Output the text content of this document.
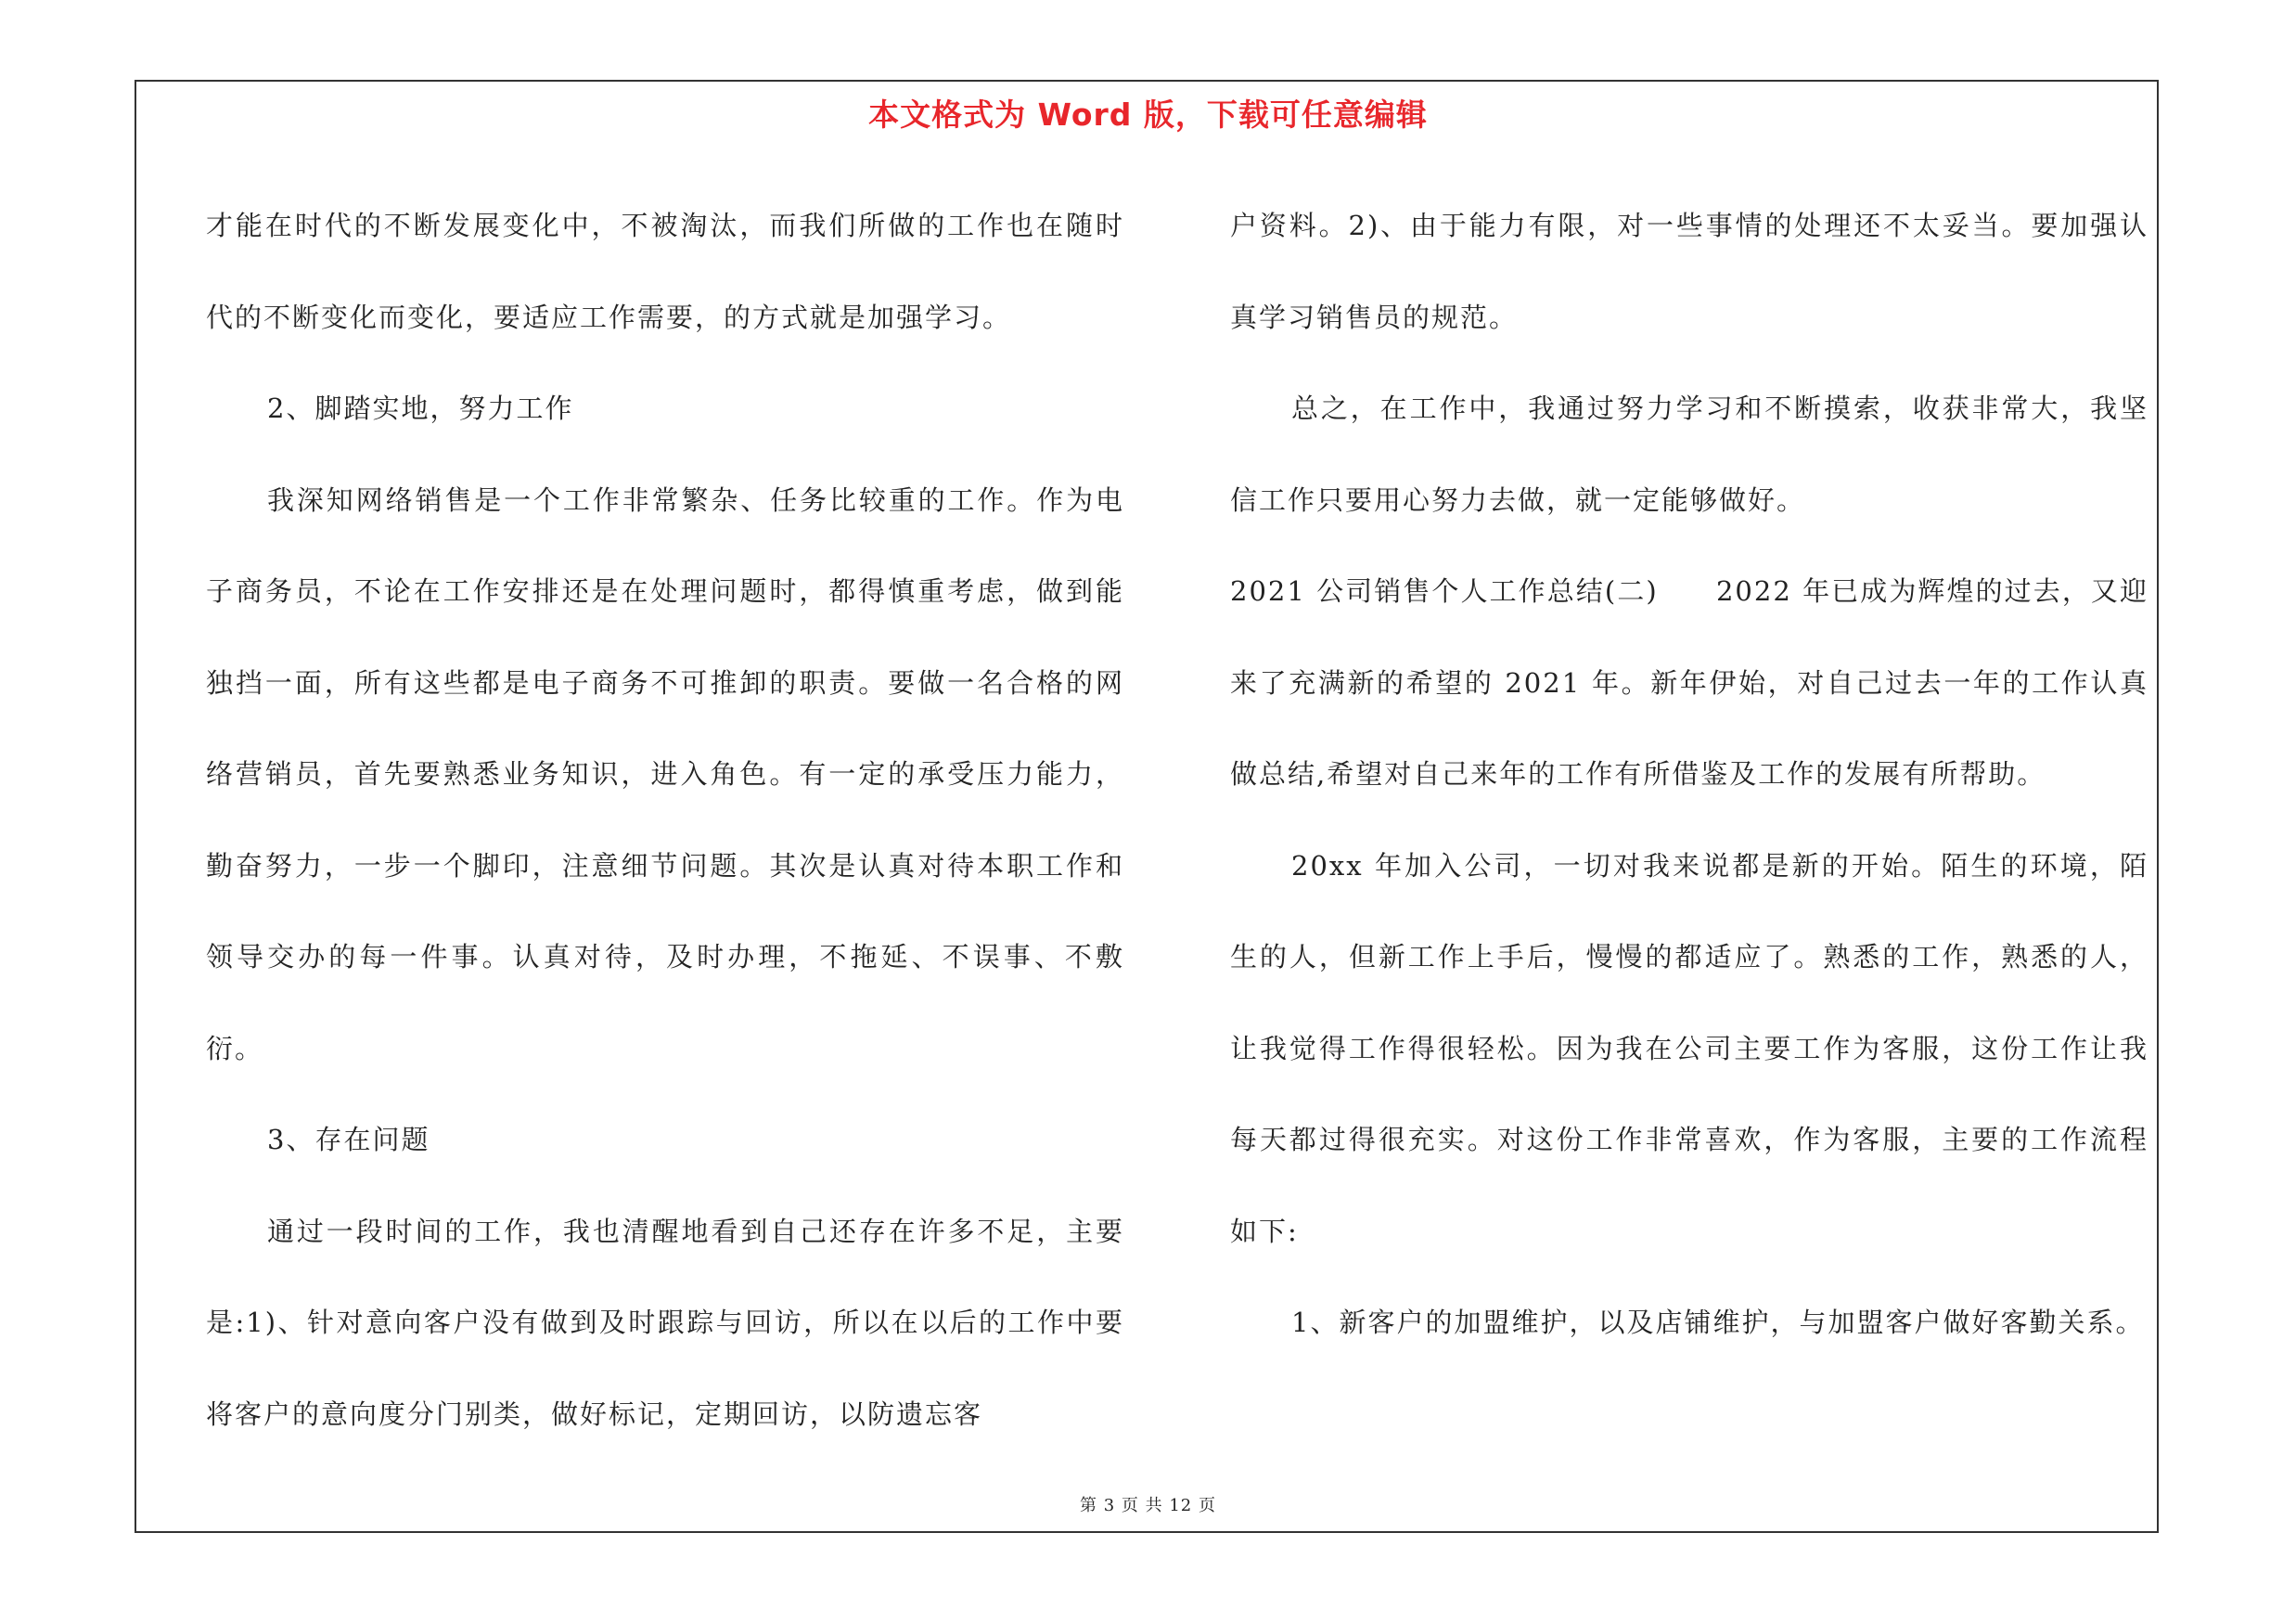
本文格式为 Word 版，下载可任意编辑

才能在时代的不断发展变化中，不被淘汰，而我们所做的工作也在随时代的不断变化而变化，要适应工作需要，的方式就是加强学习。

2、脚踏实地，努力工作

我深知网络销售是一个工作非常繁杂、任务比较重的工作。作为电子商务员，不论在工作安排还是在处理问题时，都得慎重考虑，做到能独挡一面，所有这些都是电子商务不可推卸的职责。要做一名合格的网络营销员，首先要熟悉业务知识，进入角色。有一定的承受压力能力，勤奋努力，一步一个脚印，注意细节问题。其次是认真对待本职工作和领导交办的每一件事。认真对待，及时办理，不拖延、不误事、不敷衍。

3、存在问题

通过一段时间的工作，我也清醒地看到自己还存在许多不足，主要是:1)、针对意向客户没有做到及时跟踪与回访，所以在以后的工作中要将客户的意向度分门别类，做好标记，定期回访，以防遗忘客

户资料。2)、由于能力有限，对一些事情的处理还不太妥当。要加强认真学习销售员的规范。

总之，在工作中，我通过努力学习和不断摸索，收获非常大，我坚信工作只要用心努力去做，就一定能够做好。

2021 公司销售个人工作总结(二)　　2022 年已成为辉煌的过去，又迎来了充满新的希望的 2021 年。新年伊始，对自己过去一年的工作认真做总结,希望对自己来年的工作有所借鉴及工作的发展有所帮助。

20xx 年加入公司，一切对我来说都是新的开始。陌生的环境，陌生的人，但新工作上手后，慢慢的都适应了。熟悉的工作，熟悉的人，让我觉得工作得很轻松。因为我在公司主要工作为客服，这份工作让我每天都过得很充实。对这份工作非常喜欢，作为客服，主要的工作流程如下:

1、新客户的加盟维护，以及店铺维护，与加盟客户做好客勤关系。

第 3 页 共 12 页
